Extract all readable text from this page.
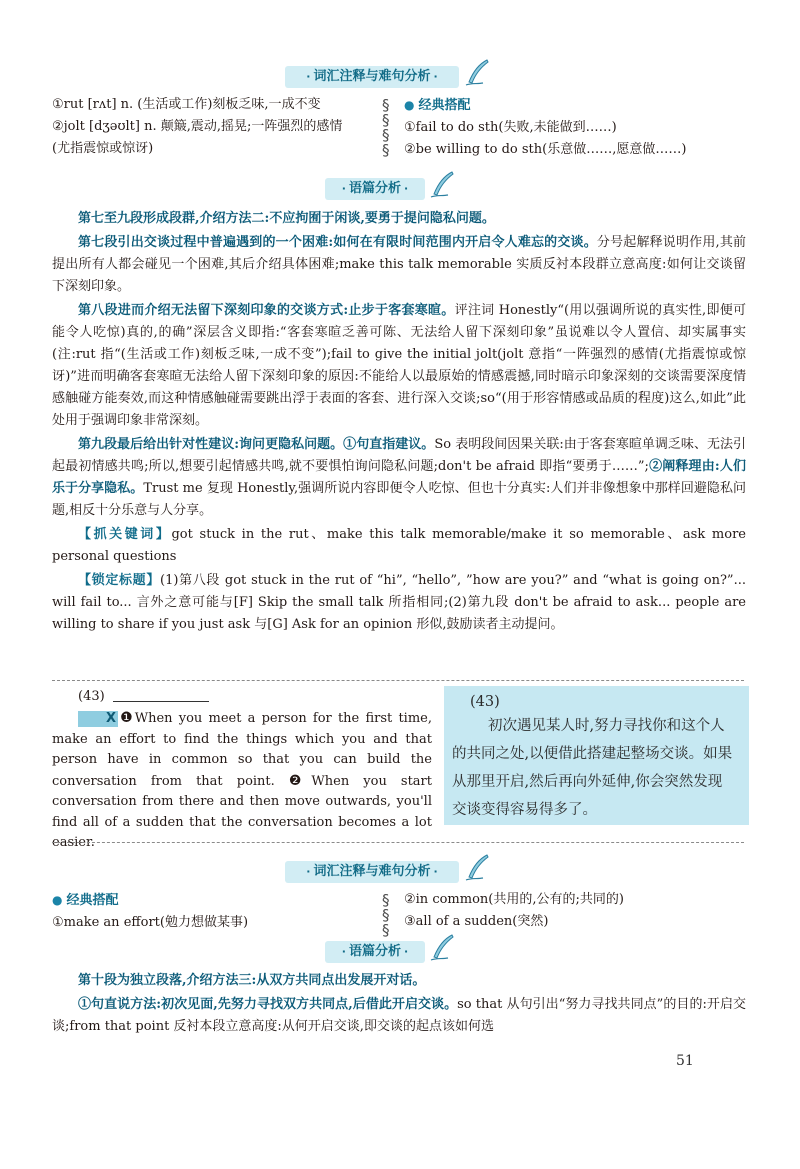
· 词汇注释与难句分析 ·
①rut [rʌt] n. (生活或工作)刻板乏味,一成不变
②jolt [dʒəʊlt] n. 颠簸,震动,摇晃;一阵强烈的感情
(尤指震惊或惊讶)
§
§
§
§
● 经典搭配
①fail to do sth(失败,未能做到……)
②be willing to do sth(乐意做……,愿意做……)
· 语篇分析 ·
第七至九段形成段群,介绍方法二:不应拘囿于闲谈,要勇于提问隐私问题。
第七段引出交谈过程中普遍遇到的一个困难:如何在有限时间范围内开启令人难忘的交谈。分号起解释说明作用,其前提出所有人都会碰见一个困难,其后介绍具体困难;make this talk memorable 实质反衬本段群立意高度:如何让交谈留下深刻印象。
第八段进而介绍无法留下深刻印象的交谈方式:止步于客套寒暄。评注词 Honestly“(用以强调所说的真实性,即便可能令人吃惊)真的,的确”深层含义即指:“客套寒暄乏善可陈、无法给人留下深刻印象”虽说难以令人置信、却实属事实(注:rut 指“(生活或工作)刻板乏味,一成不变”);fail to give the initial jolt(jolt 意指“一阵强烈的感情(尤指震惊或惊讶)”进而明确客套寒暄无法给人留下深刻印象的原因:不能给人以最原始的情感震撼,同时暗示印象深刻的交谈需要深度情感触碰方能奏效,而这种情感触碰需要跳出浮于表面的客套、进行深入交谈;so“(用于形容情感或品质的程度)这么,如此”此处用于强调印象非常深刻。
第九段最后给出针对性建议:询问更隐私问题。①句直指建议。So 表明段间因果关联:由于客套寒暄单调乏味、无法引起最初情感共鸣;所以,想要引起情感共鸣,就不要惧怕询问隐私问题;don't be afraid 即指“要勇于……”;②阐释理由:人们乐于分享隐私。Trust me 复现 Honestly,强调所说内容即便令人吃惊、但也十分真实:人们并非像想象中那样回避隐私问题,相反十分乐意与人分享。
【抓关键词】got stuck in the rut、make this talk memorable/make it so memorable、ask more personal questions
【锁定标题】(1)第八段 got stuck in the rut of “hi”, “hello”, ”how are you?” and “what is going on?”... will fail to... 言外之意可能与[F] Skip the small talk 所指相同;(2)第九段 don't be afraid to ask... people are willing to share if you just ask 与[G] Ask for an opinion 形似,鼓励读者主动提问。
(43)
X ❶When you meet a person for the first time, make an effort to find the things which you and that person have in common so that you can build the conversation from that point. ❷When you start conversation from there and then move outwards, you'll find all of a sudden that the conversation becomes a lot easier.
(43)
初次遇见某人时,努力寻找你和这个人的共同之处,以便借此搭建起整场交谈。如果从那里开启,然后再向外延伸,你会突然发现交谈变得容易得多了。
· 词汇注释与难句分析 ·
● 经典搭配
①make an effort(勉力想做某事)
§
§
§
②in common(共用的,公有的;共同的)
③all of a sudden(突然)
· 语篇分析 ·
第十段为独立段落,介绍方法三:从双方共同点出发展开对话。
①句直说方法:初次见面,先努力寻找双方共同点,后借此开启交谈。so that 从句引出“努力寻找共同点”的目的:开启交谈;from that point 反衬本段立意高度:从何开启交谈,即交谈的起点该如何选
51
